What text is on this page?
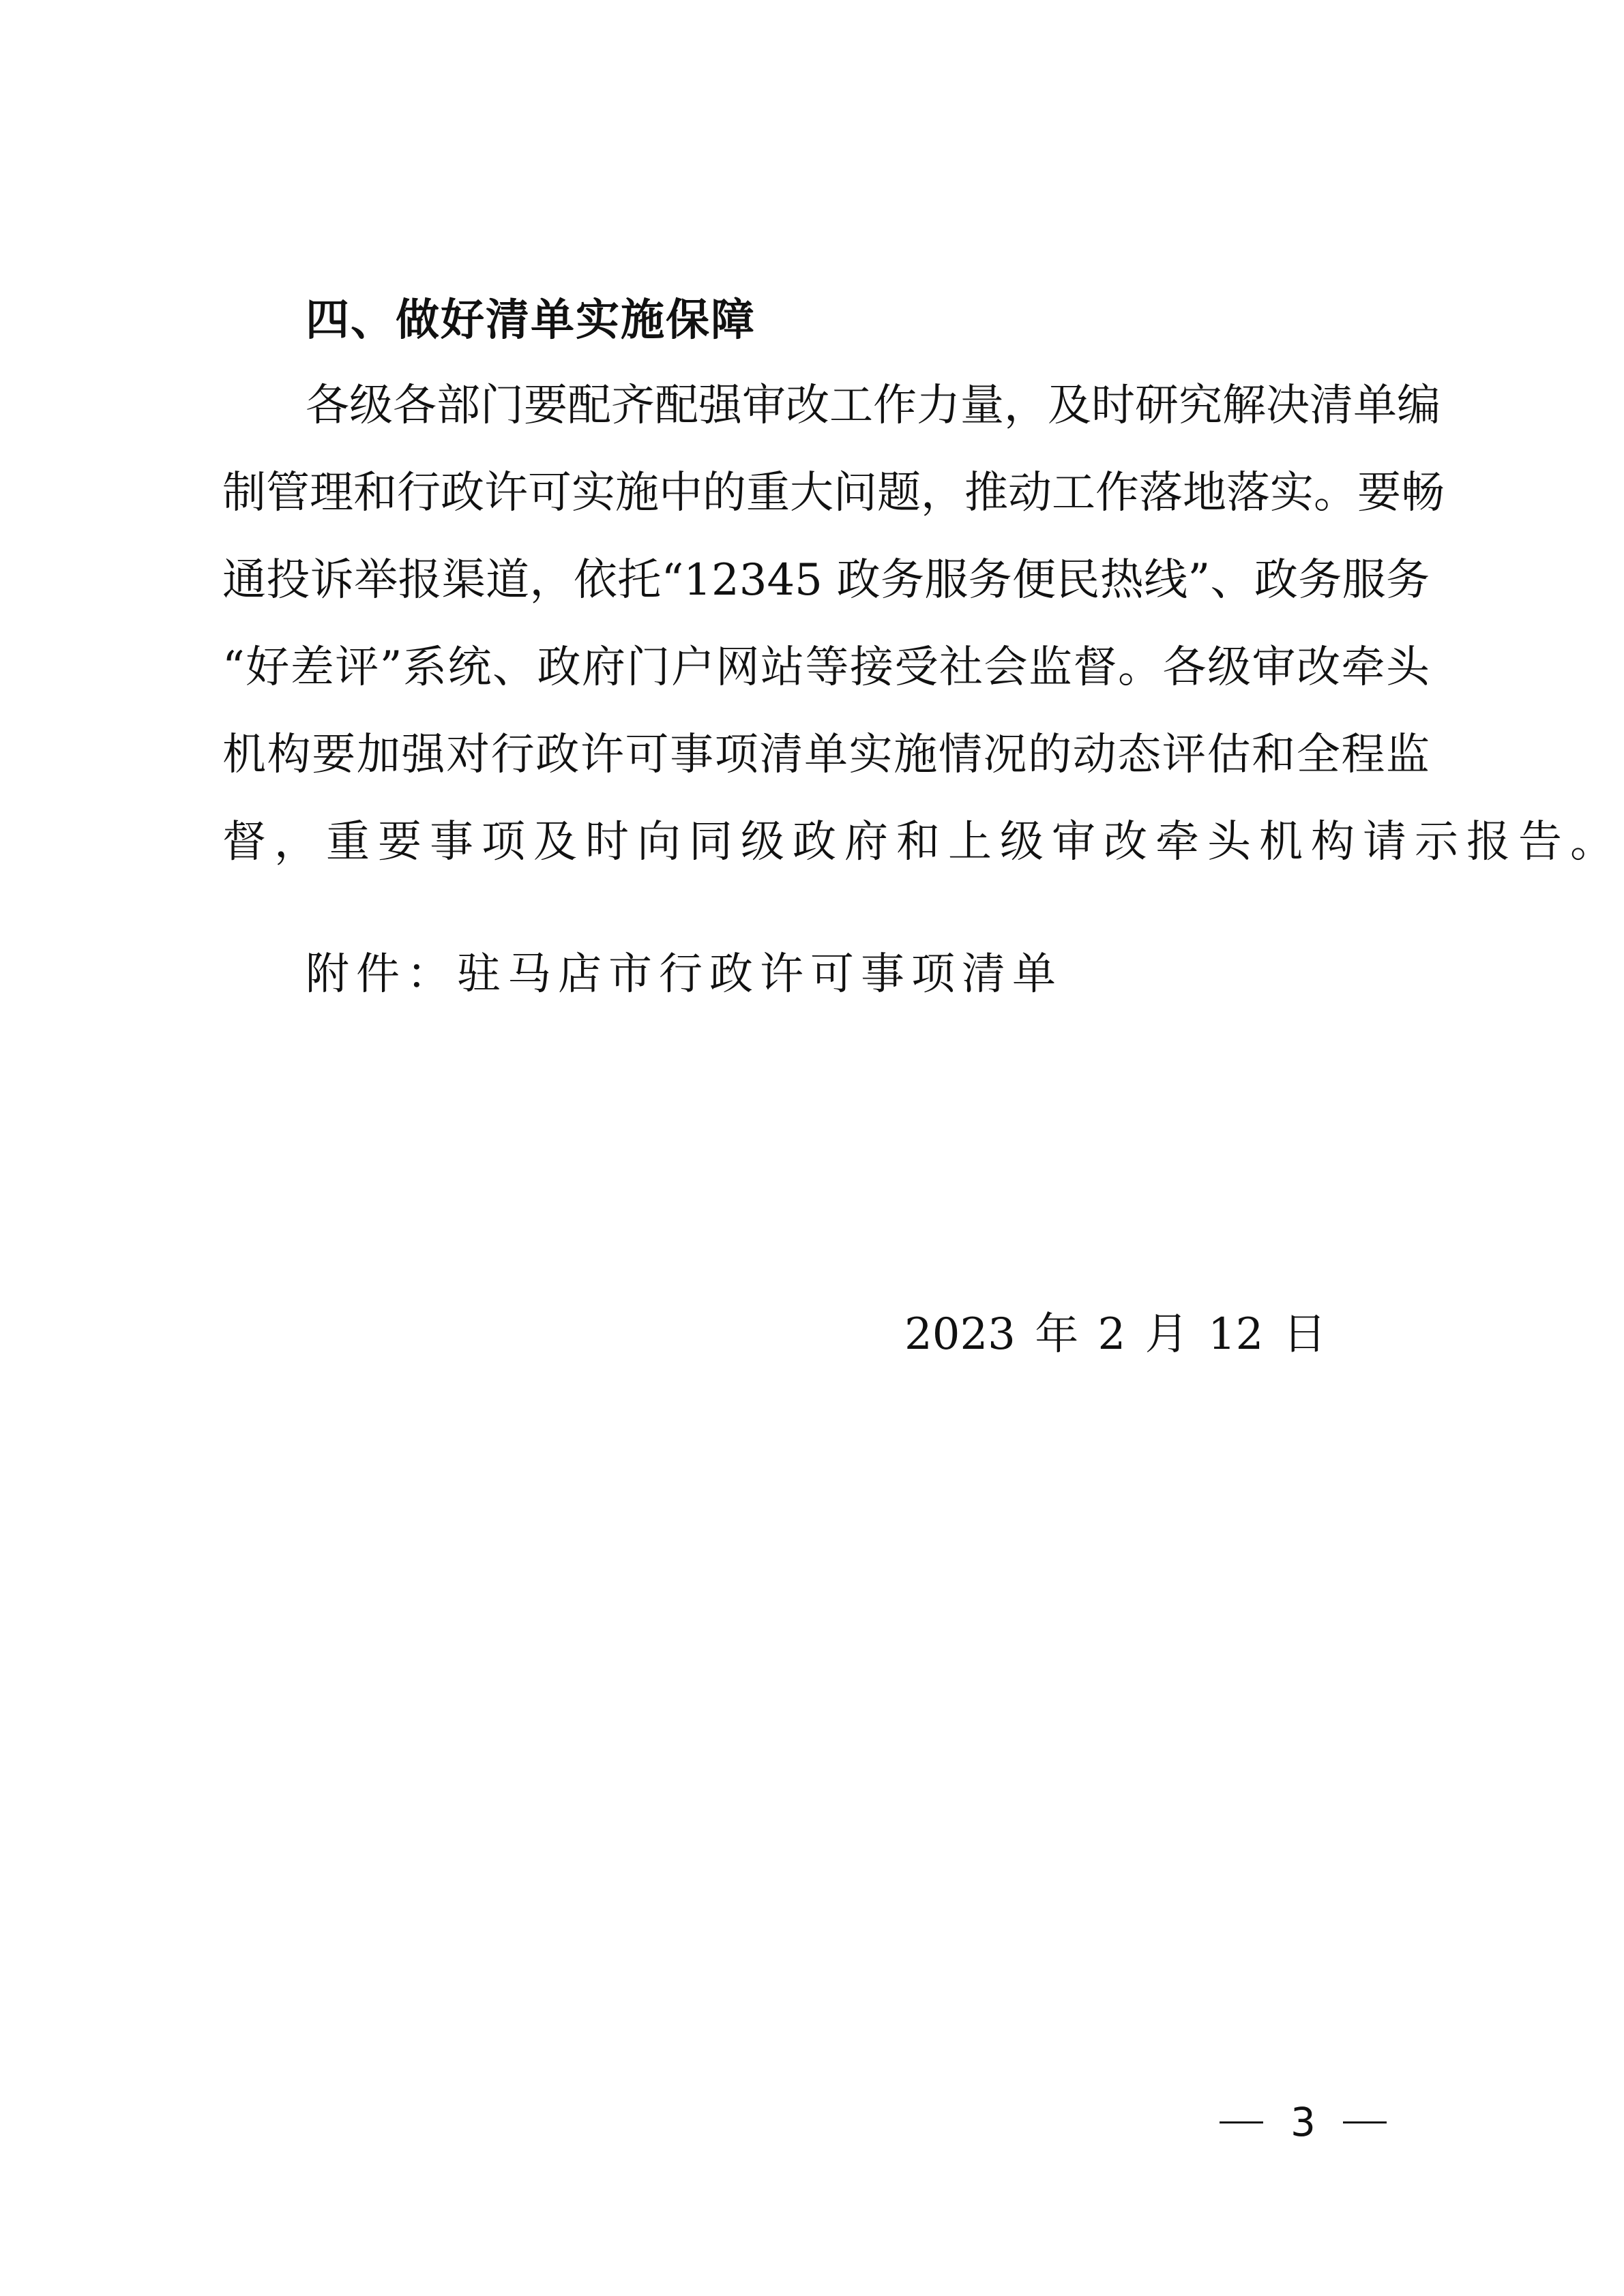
四、做好清单实施保障
各级各部门要配齐配强审改工作力量，及时研究解决清单编
制管理和行政许可实施中的重大问题，推动工作落地落实。要畅
通投诉举报渠道，依托“12345 政务服务便民热线”、政务服务
“好差评”系统、政府门户网站等接受社会监督。各级审改牵头
机构要加强对行政许可事项清单实施情况的动态评估和全程监
督，重要事项及时向同级政府和上级审改牵头机构请示报告。
附件：驻马店市行政许可事项清单
2023 年 2 月 12 日
3
